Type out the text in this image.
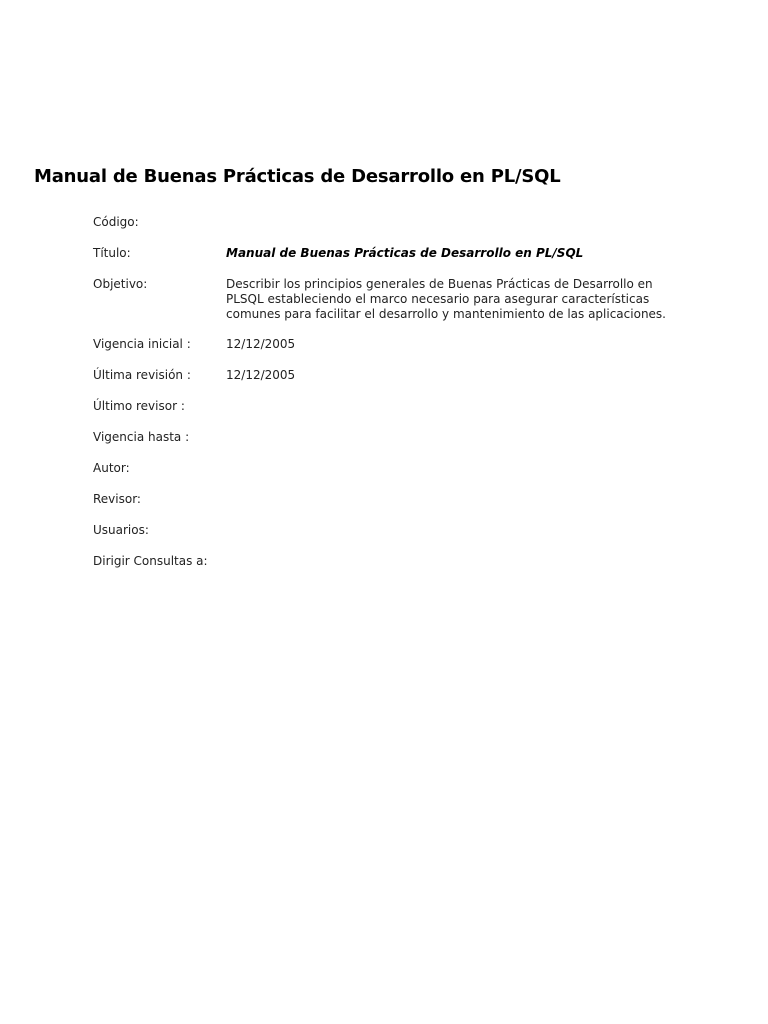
Manual de Buenas Prácticas de Desarrollo en PL/SQL
Código:
Título:	Manual de Buenas Prácticas de Desarrollo en PL/SQL
Objetivo:	Describir los principios generales de Buenas Prácticas de Desarrollo en
PLSQL estableciendo el marco necesario para asegurar características
comunes para facilitar el desarrollo y mantenimiento de las aplicaciones.
Vigencia inicial :	12/12/2005
Última revisión :	12/12/2005
Último revisor :
Vigencia hasta :
Autor:
Revisor:
Usuarios:
Dirigir Consultas a:
